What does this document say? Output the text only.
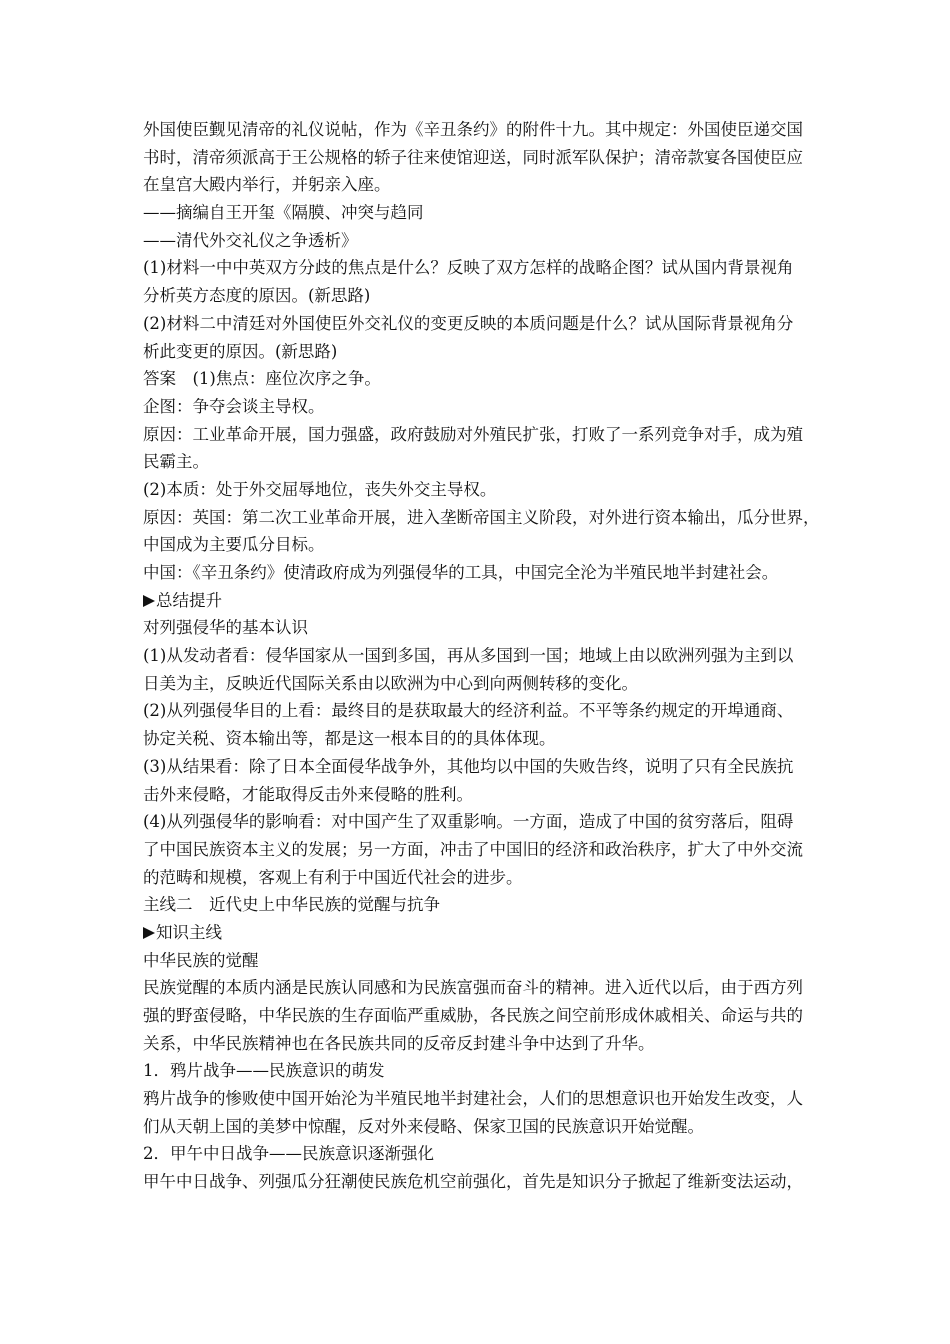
外国使臣觐见清帝的礼仪说帖，作为《辛丑条约》的附件十九。其中规定：外国使臣递交国
书时，清帝须派高于王公规格的轿子往来使馆迎送，同时派军队保护；清帝款宴各国使臣应
在皇宫大殿内举行，并躬亲入座。
——摘编自王开玺《隔膜、冲突与趋同
——清代外交礼仪之争透析》
(1)材料一中中英双方分歧的焦点是什么？反映了双方怎样的战略企图？试从国内背景视角
分析英方态度的原因。(新思路)
(2)材料二中清廷对外国使臣外交礼仪的变更反映的本质问题是什么？试从国际背景视角分
析此变更的原因。(新思路)
答案　(1)焦点：座位次序之争。
企图：争夺会谈主导权。
原因：工业革命开展，国力强盛，政府鼓励对外殖民扩张，打败了一系列竞争对手，成为殖
民霸主。
(2)本质：处于外交屈辱地位，丧失外交主导权。
原因：英国：第二次工业革命开展，进入垄断帝国主义阶段，对外进行资本输出，瓜分世界，
中国成为主要瓜分目标。
中国：《辛丑条约》使清政府成为列强侵华的工具，中国完全沦为半殖民地半封建社会。
总结提升
对列强侵华的基本认识
(1)从发动者看：侵华国家从一国到多国，再从多国到一国；地域上由以欧洲列强为主到以
日美为主，反映近代国际关系由以欧洲为中心到向两侧转移的变化。
(2)从列强侵华目的上看：最终目的是获取最大的经济利益。不平等条约规定的开埠通商、
协定关税、资本输出等，都是这一根本目的的具体体现。
(3)从结果看：除了日本全面侵华战争外，其他均以中国的失败告终，说明了只有全民族抗
击外来侵略，才能取得反击外来侵略的胜利。
(4)从列强侵华的影响看：对中国产生了双重影响。一方面，造成了中国的贫穷落后，阻碍
了中国民族资本主义的发展；另一方面，冲击了中国旧的经济和政治秩序，扩大了中外交流
的范畴和规模，客观上有利于中国近代社会的进步。
主线二　近代史上中华民族的觉醒与抗争
知识主线
中华民族的觉醒
民族觉醒的本质内涵是民族认同感和为民族富强而奋斗的精神。进入近代以后，由于西方列
强的野蛮侵略，中华民族的生存面临严重威胁，各民族之间空前形成休戚相关、命运与共的
关系，中华民族精神也在各民族共同的反帝反封建斗争中达到了升华。
1．鸦片战争——民族意识的萌发
鸦片战争的惨败使中国开始沦为半殖民地半封建社会，人们的思想意识也开始发生改变，人
们从天朝上国的美梦中惊醒，反对外来侵略、保家卫国的民族意识开始觉醒。
2．甲午中日战争——民族意识逐渐强化
甲午中日战争、列强瓜分狂潮使民族危机空前强化，首先是知识分子掀起了维新变法运动，
